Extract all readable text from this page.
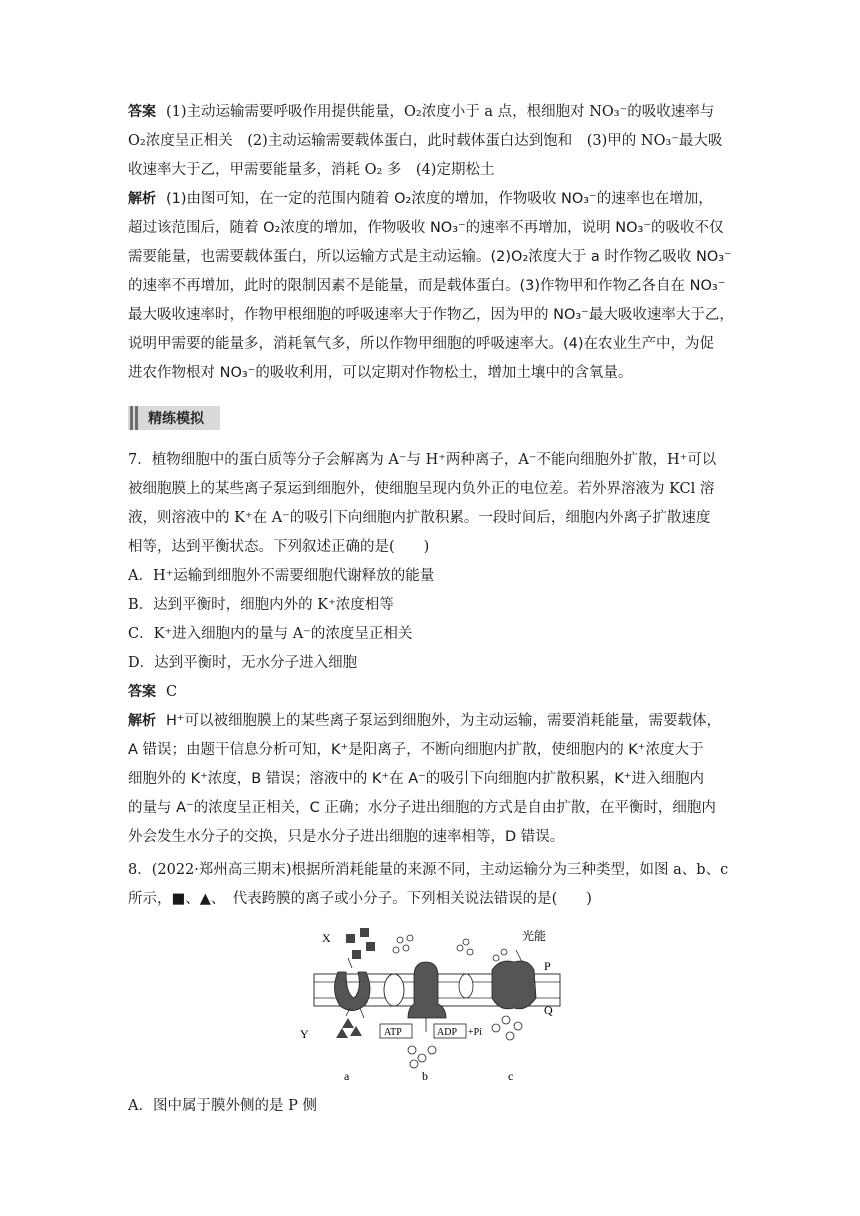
答案 (1)主动运输需要呼吸作用提供能量，O₂浓度小于 a 点，根细胞对 NO₃⁻的吸收速率与
O₂浓度呈正相关　(2)主动运输需要载体蛋白，此时载体蛋白达到饱和　(3)甲的 NO₃⁻最大吸
收速率大于乙，甲需要能量多，消耗 O₂ 多　(4)定期松土
解析 (1)由图可知，在一定的范围内随着 O₂浓度的增加，作物吸收 NO₃⁻的速率也在增加，
超过该范围后，随着 O₂浓度的增加，作物吸收 NO₃⁻的速率不再增加，说明 NO₃⁻的吸收不仅
需要能量，也需要载体蛋白，所以运输方式是主动运输。(2)O₂浓度大于 a 时作物乙吸收 NO₃⁻
的速率不再增加，此时的限制因素不是能量，而是载体蛋白。(3)作物甲和作物乙各自在 NO₃⁻
最大吸收速率时，作物甲根细胞的呼吸速率大于作物乙，因为甲的 NO₃⁻最大吸收速率大于乙，
说明甲需要的能量多，消耗氧气多，所以作物甲细胞的呼吸速率大。(4)在农业生产中，为促
进农作物根对 NO₃⁻的吸收利用，可以定期对作物松土，增加土壤中的含氧量。
精练模拟
7．植物细胞中的蛋白质等分子会解离为 A⁻与 H⁺两种离子，A⁻不能向细胞外扩散，H⁺可以
被细胞膜上的某些离子泵运到细胞外，使细胞呈现内负外正的电位差。若外界溶液为 KCl 溶
液，则溶液中的 K⁺在 A⁻的吸引下向细胞内扩散积累。一段时间后，细胞内外离子扩散速度
相等，达到平衡状态。下列叙述正确的是(　　)
A．H⁺运输到细胞外不需要细胞代谢释放的能量
B．达到平衡时，细胞内外的 K⁺浓度相等
C．K⁺进入细胞内的量与 A⁻的浓度呈正相关
D．达到平衡时，无水分子进入细胞
答案 C
解析 H⁺可以被细胞膜上的某些离子泵运到细胞外，为主动运输，需要消耗能量，需要载体，
A 错误；由题干信息分析可知，K⁺是阳离子，不断向细胞内扩散，使细胞内的 K⁺浓度大于
细胞外的 K⁺浓度，B 错误；溶液中的 K⁺在 A⁻的吸引下向细胞内扩散积累，K⁺进入细胞内
的量与 A⁻的浓度呈正相关，C 正确；水分子进出细胞的方式是自由扩散，在平衡时，细胞内
外会发生水分子的交换，只是水分子进出细胞的速率相等，D 错误。
8．(2022·郑州高三期末)根据所消耗能量的来源不同，主动运输分为三种类型，如图 a、b、c
所示，■、▲、　代表跨膜的离子或小分子。下列相关说法错误的是(　　)
X
Y
P
Q
光能
ATP	ADP +Pi
a	b	c
A．图中属于膜外侧的是 P 侧
